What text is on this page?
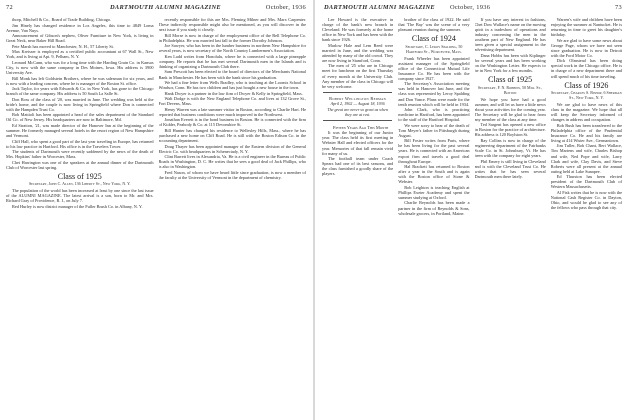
72	DARTMOUTH ALUMNI MAGAZINE	October, 1936

thorp, Mitchell & Co., Board of Trade Building, Chicago.

Jim Hinely has changed residence in Los Angeles, this time to 4849 Loma Avenue, Van Nuys.

Announcement of Gibson's nephew, Oliver Furniture in New York, is living in Great Neck, near Baker Hill Road.

Pete Marsh has moved to Manchester, N. H., 57 Liberty St.

Max Kreisser is employed as a certified public accountant at 67 Wall St., New York, and is living at Apt. 9, Pelham, N. Y.

Leonard McCann, who was for a long time with the Harding Grain Co. in Kansas City, is now with the same company in Des Moines, Iowa. His address is 3900 University Ave.

Bill Monk has left Goldstein Brothers, where he was salesman for six years, and is now with a leading concern, where he is manager of the Boston St. office.

Jack Taylor, for years with Edwards & Co. in New York, has gone to the Chicago branch of the same company. His address is 50 South La Salle St.

Don Ross of the class of '20, was married in June. The wedding was held at the bride's home, and the couple is now living in Springfield where Don is connected with the Hampden Trust Co.

Bob Mattioli has been appointed a head of the sales department of the Standard Oil Co. of New Jersey. His headquarters are now in Baltimore, Md.

Ed Stratton, '21, was made director of the Hanover Inn at the beginning of the summer. He formerly managed several hotels in the resort region of New Hampshire and Vermont.

Cliff Hall, who spent a good part of the last year traveling in Europe, has returned to his law practice in Hartford. His office is in the Travelers Tower.

The students of Dartmouth were recently saddened by the news of the death of Mrs. Hopkins' father in Worcester, Mass.

Chet Harrington was one of the speakers at the annual dinner of the Dartmouth Club of Worcester last spring.

Class of 1925
Secretary, John C. Allen, 136 Liberty St., New York, N. Y.

The population of the world has been increased at least by one since the last issue of the ALUMNI MAGAZINE. The latest arrival is a son, born to Mr. and Mrs. Richard Gray of Providence, R. I., on July 7.

Red Hurley is now district manager of the Fuller Brush Co. in Albany, N. Y.

recently responsible for this are Mrs. Fleming Milner and Mrs. Marx Carpenter. These indirectly responsible might also be mentioned, as you will discover in the next issue if you study it closely.

Bill Morse is now in charge of the employment office of the Bell Telephone Co. in Philadelphia. He was married last fall to the former Dorothy Johnson.

Joe Sawyer, who has been in the lumber business in northern New Hampshire for several years, is now secretary of the North Country Lumbermen's Association.

Ken Ladd writes from Honolulu, where he is connected with a large pineapple company. He reports that he has met several Dartmouth men in the Islands and is thinking of organizing a Dartmouth Club there.

Sam Prescott has been elected to the board of directors of the Merchants National Bank in Manchester. He has been with the bank since his graduation.

We had a fine letter from Wells Bradley, who is teaching at the Loomis School in Windsor, Conn. He has two children and has just bought a new house in the town.

Hank Dwyer is a partner in the law firm of Dwyer & Kelly in Springfield, Mass.

Walt Dodge is with the New England Telephone Co. and lives at 132 Grove St., Fort Devens, Mass.

Henry Warren was a late summer visitor in Boston, according to Charlie Hart. He reported that business conditions were much improved in the Northwest.

Jonathan Everett is in the bond business in Boston. He is connected with the firm of Kidder, Peabody & Co. at 115 Devonshire St.

Bill Hunter has changed his residence to Wellesley Hills, Mass., where he has purchased a new home on Cliff Road. He is still with the Boston Edison Co. in the accounting department.

Doug Thayer has been appointed manager of the Eastern division of the General Electric Co. with headquarters in Schenectady, N. Y.

Clint Barrett lives in Alexandria, Va. He is a civil engineer in the Bureau of Public Roads in Washington, D. C. He writes that he sees a good deal of Jack Phillips, who is also in Washington.

Fred Nason, of whom we have heard little since graduation, is now a member of the faculty at the University of Vermont in the department of chemistry.

DARTMOUTH ALUMNI MAGAZINE October, 1936	73

Lee Howard is the executive in charge of the bank's new branch in Cleveland. He was formerly at the home office in New York and has been with the bank since 1926.

Marlow Hale and Lem Reed were married in June, and the wedding was attended by many of the old crowd. They are now living in Stamford, Conn.

The men of '25 who are in Chicago meet for luncheon on the first Thursday of every month at the University Club. Any member of the class in Chicago will be very welcome.

Robert Wellington Redman
April 2, 1902 — August 18, 1936
The great are never so great as when they are at rest.

Fifteen Years Ago This Month

It was the beginning of our Junior year. The class held its first meeting in Webster Hall and elected officers for the year. Memories of that fall remain vivid for many of us.

The football team under Coach Spears had one of its best seasons, and the class furnished a goodly share of the players.

brother of the class of 1922. He said that 'The Bay' was the scene of a very pleasant reunion during the summer.

Class of 1924
Secretary, C. Leroy Spalding, 50 Hartford St., Worcester, Mass.

Frank Wheeler has been appointed assistant manager of the Springfield office of the Connecticut Mutual Life Insurance Co. He has been with the company since 1927.

The Secretary's Association meeting was held in Hanover last June, and the class was represented by Leroy Spalding and Don Vance. Plans were made for the tenth reunion which will be held in 1934.

John Clark, who is practicing medicine in Hartford, has been appointed to the staff of the Hartford Hospital.

We were sorry to hear of the death of Tom Meyer's father in Pittsburgh during August.

Bill Foster writes from Paris, where he has been living for the past several years. He is connected with an American export firm and travels a good deal throughout Europe.

Hal Brackett has returned to Boston after a year in the South and is again with the Boston office of Stone & Webster.

Bob Leighton is teaching English at Phillips Exeter Academy and spent the summer studying at Oxford.

Charlie Reynolds has been made a partner in the firm of Reynolds & Sons, wholesale grocers, in Portland, Maine.

If you have any interest in fashions, Chet Dow Wallace's name on the moving spirit in a tradeshow of operations and industry concerning the men in the southern part of New England. He has been given a special assignment in the advertising department.

Dana Hobbs has been with Kiplinger for several years and has been working on the Washington Letter. He expects to be in New York for a few months.

Class of 1925
Secretary, F. N. Robbins, 50 Mill St., Boston

We hope you have had a good summer, and will let us have a little news about your activities for the coming year. The Secretary will be glad to hear from any member of the class at any time.

Ted Sargent has opened a new office in Boston for the practice of architecture. His address is 120 Boylston St.

Ray Collins is now in charge of the engineering department of the Fairbanks Scale Co. in St. Johnsbury, Vt. He has been with the company for eight years.

Phil Emery is still living in Cleveland and is with the Cleveland Trust Co. He writes that he has seen several Dartmouth men there lately.

Warren's wife and children have been enjoying the summer at Nantucket. He is returning in time to greet his daughter's birthday.

We are glad to have some news about George Page, whom we have not seen since graduation. He is now in Detroit with the Ford Motor Co.

Dick Olmstead has been doing special work in the Chicago office. He is in charge of a new department there and will spend much of his time traveling.

Class of 1926
Secretary, Charles S. Bishop, 6 Sherman St., New York, N. Y.

We are glad to have news of this class in the magazine. We hope that all will keep the Secretary informed of changes in address and occupation.

Bob Bush has been transferred to the Philadelphia office of the Prudential Insurance Co. He and his family are living at 414 Wister Ave., Germantown.

Jim Tuller, Bob Chant, Bert Wallace, Tim Martens and wife, Charles Bishop and wife, Ned Pope and wife, Larry Clark and wife, Clay Davis, and Steve Roberts were all present at the annual outing held at Lake Sunapee.

Ed Thurston has been elected president of the Dartmouth Club of Western Massachusetts.

Al Fisk writes that he is now with the National Cash Register Co. in Dayton, Ohio, and would be glad to see any of the fellows who pass through that city.
